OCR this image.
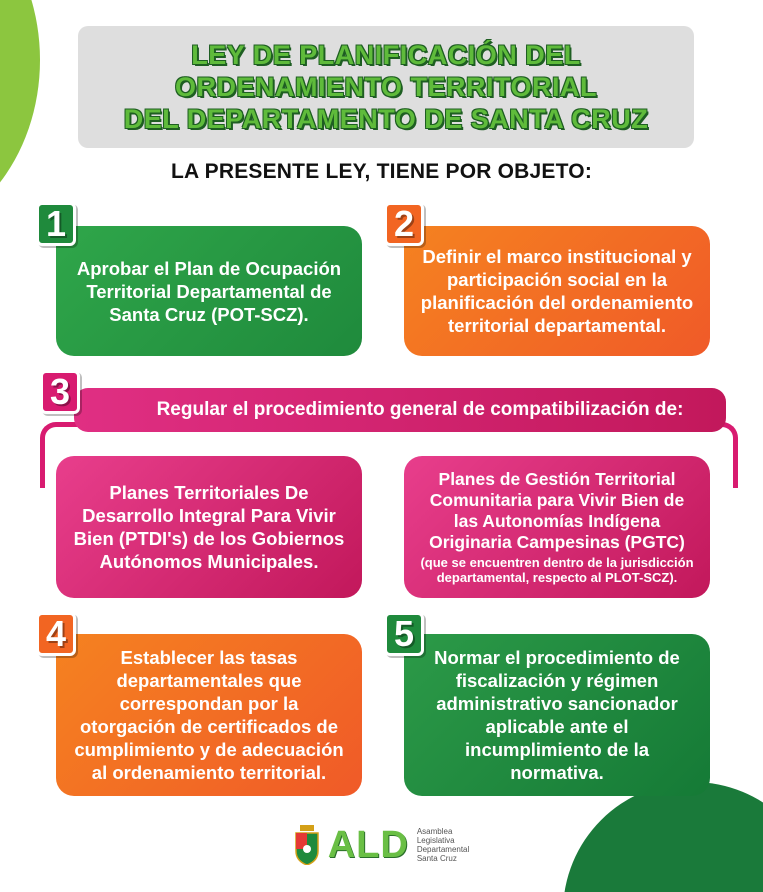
LEY DE PLANIFICACIÓN DEL
ORDENAMIENTO TERRITORIAL
DEL DEPARTAMENTO DE SANTA CRUZ
LA PRESENTE LEY, TIENE POR OBJETO:
Aprobar el Plan de Ocupación Territorial Departamental de Santa Cruz (POT-SCZ).
1
Definir el marco institucional y participación social en la planificación del ordenamiento territorial departamental.
2
Regular el procedimiento general de compatibilización de:
3
Planes Territoriales De Desarrollo Integral Para Vivir Bien (PTDI's) de los Gobiernos Autónomos Municipales.
Planes de Gestión Territorial Comunitaria para Vivir Bien de las Autonomías Indígena Originaria Campesinas (PGTC)
(que se encuentren dentro de la jurisdicción departamental, respecto al PLOT-SCZ).
Establecer las tasas departamentales que correspondan por la otorgación de certificados de cumplimiento y de adecuación al ordenamiento territorial.
4
Normar el procedimiento de fiscalización y régimen administrativo sancionador aplicable ante el incumplimiento de la normativa.
5
ALD Asamblea
Legislativa
Departamental
Santa Cruz
